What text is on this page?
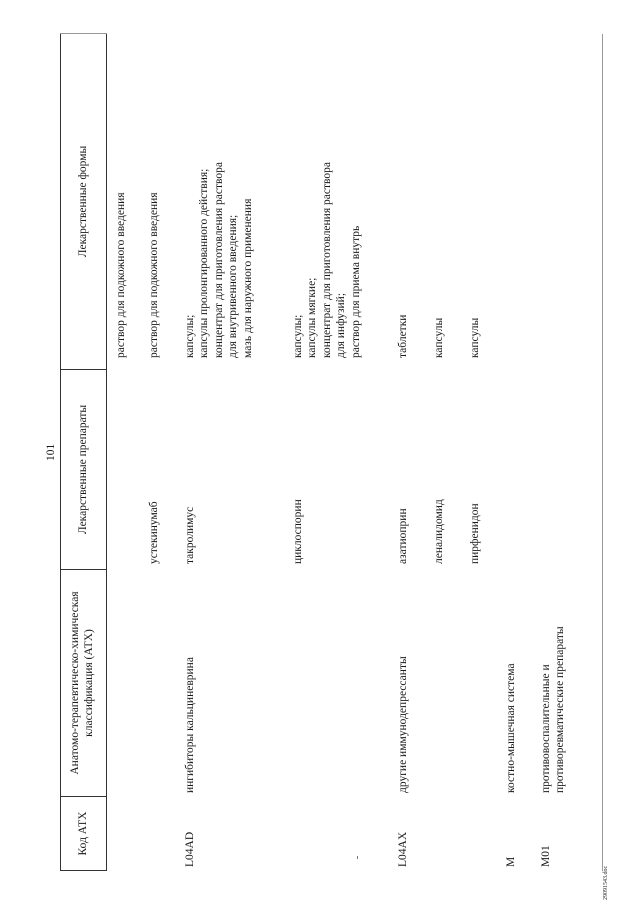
101
Код АТХ
Анатомо-терапевтическо-химическая классификация (АТХ)
Лекарственные препараты
Лекарственные формы раствор для подкожного введения
устекинумаб
раствор для подкожного введения
L04AD
ингибиторы кальциневрина
такролимус
капсулы; капсулы пролонгированного действия; концентрат для приготовления раствора для внутривенного введения; мазь для наружного применения
циклоспорин
капсулы; капсулы мягкие; концентрат для приготовления раствора для инфузий; раствор для приема внутрь
L04AX
другие иммунодепрессанты
азатиоприн
таблетки
леналидомид
капсулы
пирфенидон
капсулы
M
костно-мышечная система
M01
противовоспалительные и противоревматические препараты
29091543.doc
